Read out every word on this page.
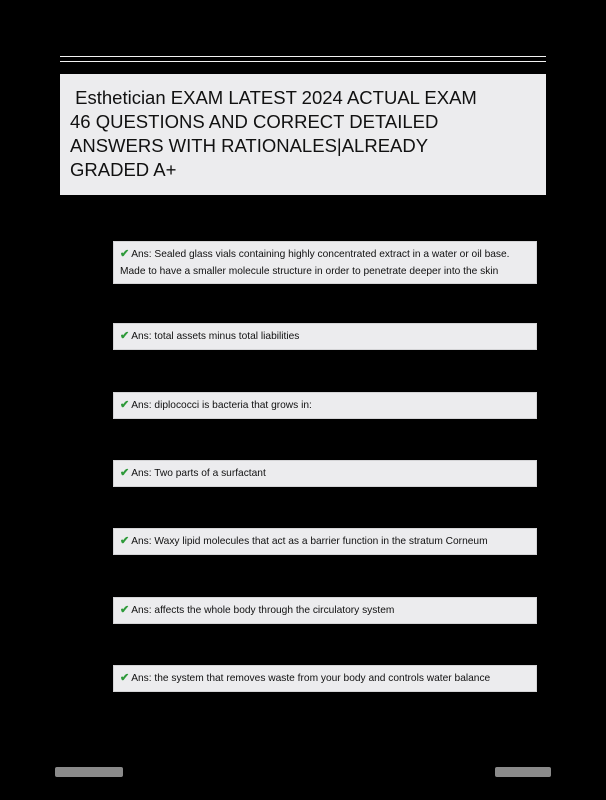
Esthetician EXAM LATEST 2024 ACTUAL EXAM
46 QUESTIONS AND CORRECT DETAILED
ANSWERS WITH RATIONALES|ALREADY
GRADED A+
✔ Ans: Sealed glass vials containing highly concentrated extract in a water or oil base. Made to have a smaller molecule structure in order to penetrate deeper into the skin
✔ Ans: total assets minus total liabilities
✔ Ans: diplococci is bacteria that grows in:
✔ Ans: Two parts of a surfactant
✔ Ans: Waxy lipid molecules that act as a barrier function in the stratum Corneum
✔ Ans: affects the whole body through the circulatory system
✔ Ans: the system that removes waste from your body and controls water balance
